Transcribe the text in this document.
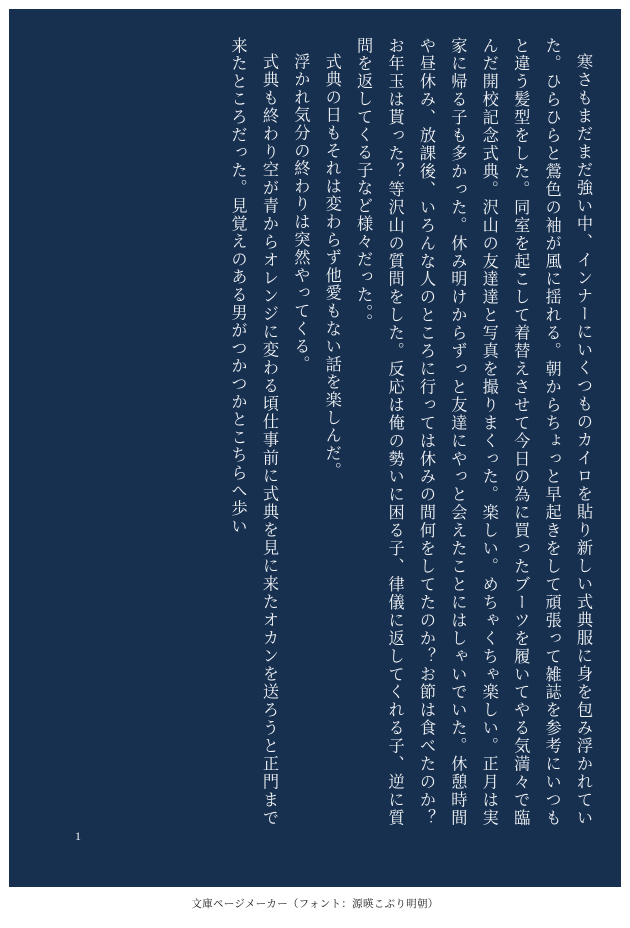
寒さもまだまだ強い中、インナーにいくつものカイロを貼り新しい式典服に身を包み浮かれていた。ひらひらと鶯色の袖が風に揺れる。朝からちょっと早起きをして頑張って雑誌を参考にいつもと違う髪型をした。同室を起こして着替えさせて今日の為に買ったブーツを履いてやる気満々で臨んだ開校記念式典。沢山の友達達と写真を撮りまくった。楽しい。めちゃくちゃ楽しい。正月は実家に帰る子も多かった。休み明けからずっと友達にやっと会えたことにはしゃいでいた。休憩時間や昼休み、放課後、いろんな人のところに行っては休みの間何をしてたのか？お節は食べたのか？お年玉は貰った？等沢山の質問をした。反応は俺の勢いに困る子、律儀に返してくれる子、逆に質問を返してくる子など様々だった。。

式典の日もそれは変わらず他愛もない話を楽しんだ。

浮かれ気分の終わりは突然やってくる。

式典も終わり空が青からオレンジに変わる頃仕事前に式典を見に来たオカンを送ろうと正門まで来たところだった。見覚えのある男がつかつかとこちらへ歩い

1
文庫ページメーカー（フォント：源暎こぶり明朝）
